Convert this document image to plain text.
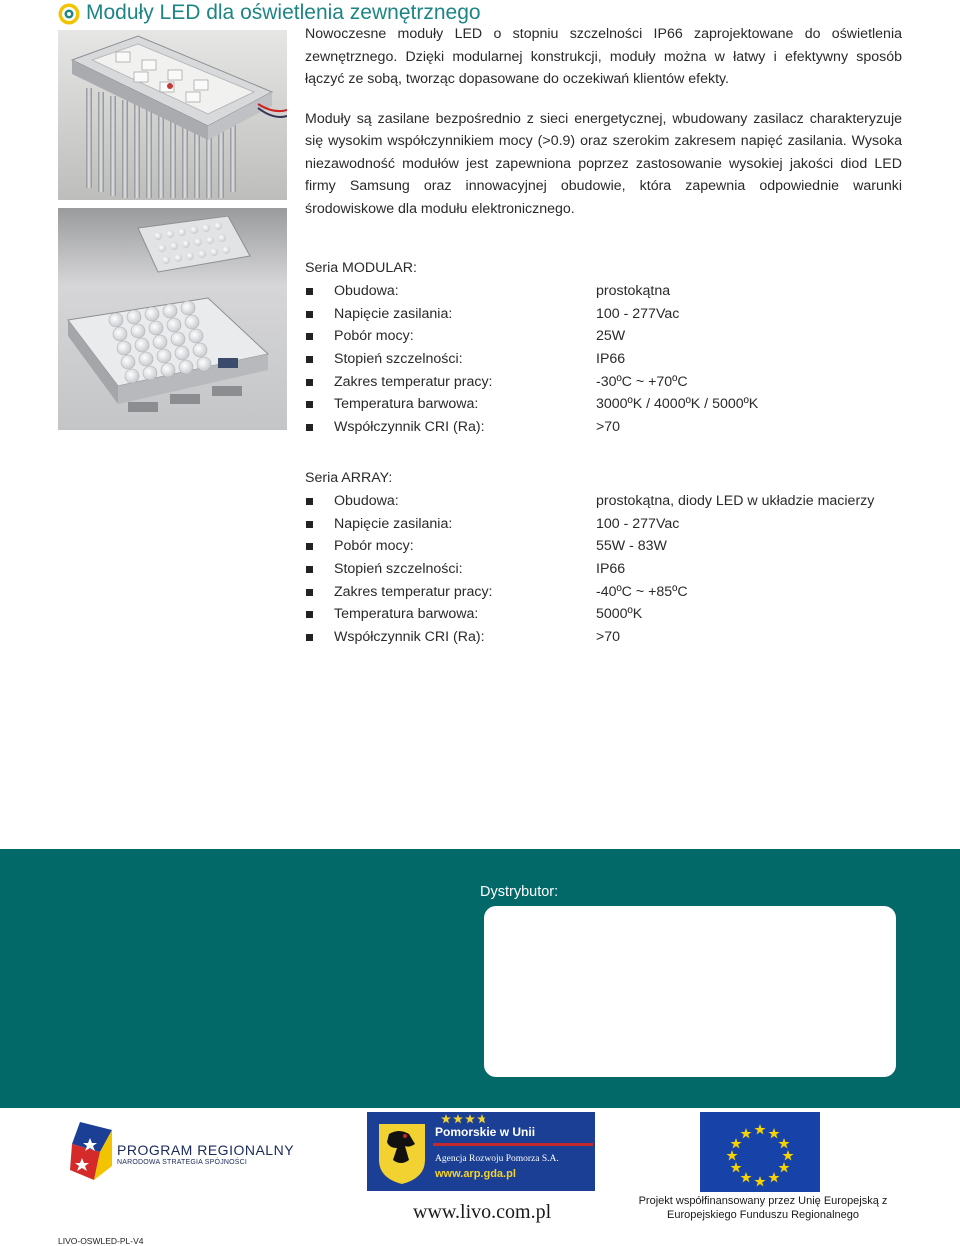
Moduły LED dla oświetlenia zewnętrznego

Nowoczesne moduły LED o stopniu szczelności IP66 zaprojektowane do oświetlenia zewnętrznego. Dzięki modularnej konstrukcji, moduły można w łatwy i efektywny sposób łączyć ze sobą, tworząc dopasowane do oczekiwań klientów efekty.

Moduły są zasilane bezpośrednio z sieci energetycznej, wbudowany zasilacz charakteryzuje się wysokim współczynnikiem mocy (>0.9) oraz szerokim zakresem napięć zasilania. Wysoka niezawodność modułów jest zapewniona poprzez zastosowanie wysokiej jakości diod LED firmy Samsung oraz innowacyjnej obudowie, która zapewnia odpowiednie warunki środowiskowe dla modułu elektronicznego.

Seria MODULAR:
Obudowa:	prostokątna
Napięcie zasilania:	100 - 277Vac
Pobór mocy:	25W
Stopień szczelności:	IP66
Zakres temperatur pracy:	-30ºC ~ +70ºC
Temperatura barwowa:	3000ºK / 4000ºK / 5000ºK
Współczynnik CRI (Ra):	>70
Seria ARRAY:
Obudowa:	prostokątna, diody LED w układzie macierzy
Napięcie zasilania:	100 - 277Vac
Pobór mocy:	55W - 83W
Stopień szczelności:	IP66
Zakres temperatur pracy:	-40ºC ~ +85ºC
Temperatura barwowa:	5000ºK
Współczynnik CRI (Ra):	>70
Dystrybutor:
PROGRAM REGIONALNY
NARODOWA STRATEGIA SPÓJNOŚCI
Pomorskie w Unii
Agencja Rozwoju Pomorza S.A.
www.arp.gda.pl
www.livo.com.pl	Projekt współfinansowany przez Unię Europejską z
Europejskiego Funduszu Regionalnego
LIVO-OSWLED-PL-V4
